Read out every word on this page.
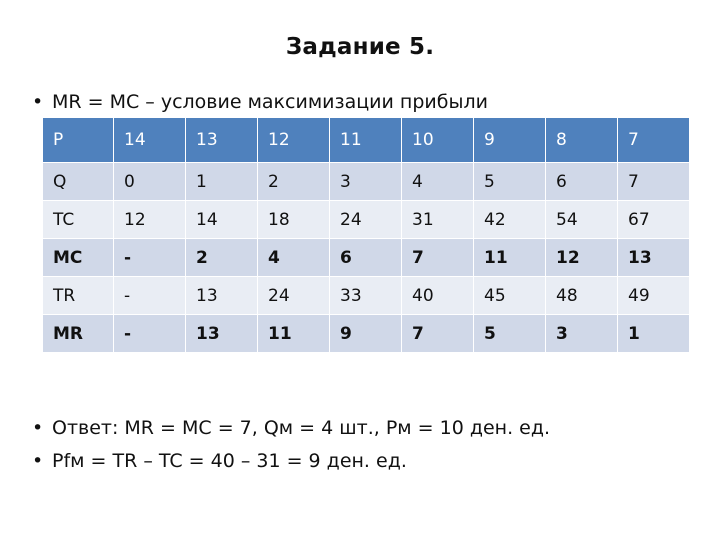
Задание 5.
• MR = MC – условие максимизации прибыли
P	14	13	12	11	10	9	8	7
Q	0	1	2	3	4	5	6	7
TC	12	14	18	24	31	42	54	67
MC	-	2	4	6	7	11	12	13
TR	-	13	24	33	40	45	48	49
MR	-	13	11	9	7	5	3	1
• Ответ: MR = MC = 7, Qм = 4 шт., Pм = 10 ден. ед.
• Pfм = TR – TC = 40 – 31 = 9 ден. ед.
